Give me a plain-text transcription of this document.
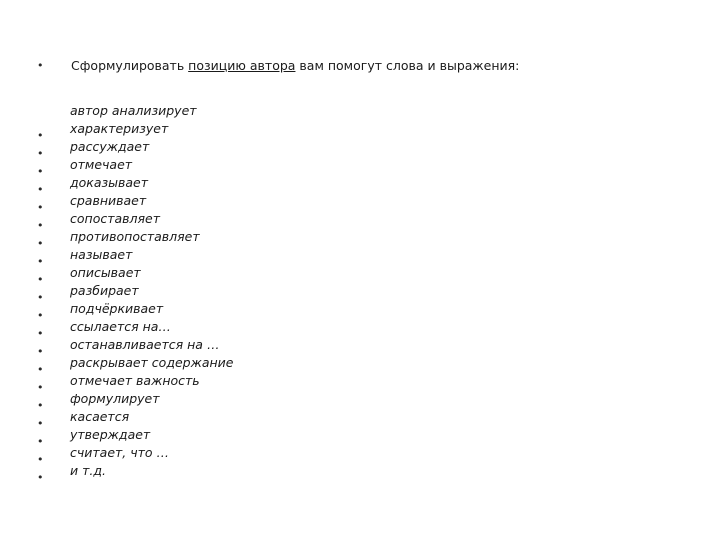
• Сформулировать позицию автора вам помогут слова и выражения:
автор анализирует
• характеризует
• рассуждает
• отмечает
• доказывает
• сравнивает
• сопоставляет
• противопоставляет
• называет
• описывает
• разбирает
• подчёркивает
• ссылается на…
• останавливается на …
• раскрывает содержание
• отмечает важность
• формулирует
• касается
• утверждает
• считает, что …
• и т.д.
